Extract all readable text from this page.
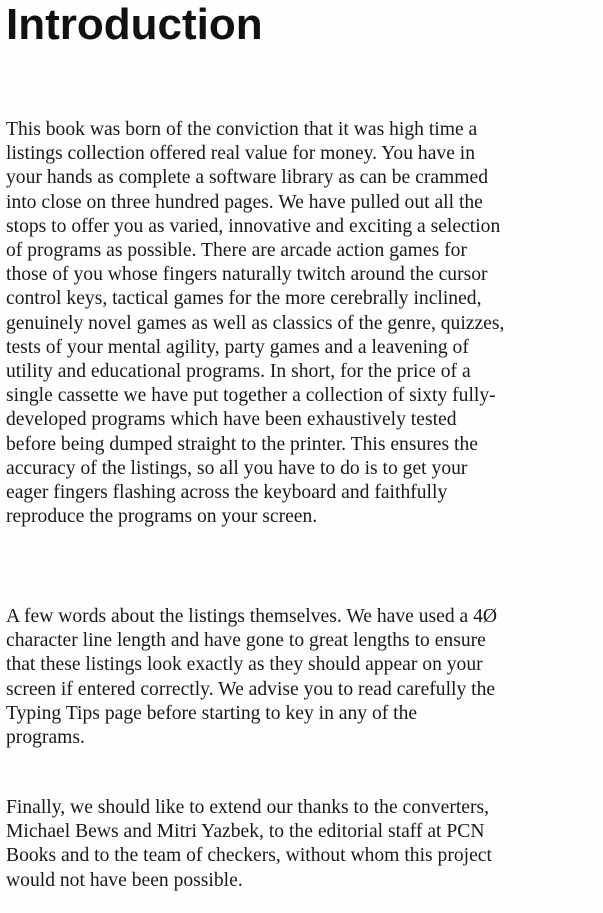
Introduction

This book was born of the conviction that it was high time a
listings collection offered real value for money. You have in
your hands as complete a software library as can be crammed
into close on three hundred pages. We have pulled out all the
stops to offer you as varied, innovative and exciting a selection
of programs as possible. There are arcade action games for
those of you whose fingers naturally twitch around the cursor
control keys, tactical games for the more cerebrally inclined,
genuinely novel games as well as classics of the genre, quizzes,
tests of your mental agility, party games and a leavening of
utility and educational programs. In short, for the price of a
single cassette we have put together a collection of sixty fully-
developed programs which have been exhaustively tested
before being dumped straight to the printer. This ensures the
accuracy of the listings, so all you have to do is to get your
eager fingers flashing across the keyboard and faithfully
reproduce the programs on your screen.

A few words about the listings themselves. We have used a 4Ø
character line length and have gone to great lengths to ensure
that these listings look exactly as they should appear on your
screen if entered correctly. We advise you to read carefully the
Typing Tips page before starting to key in any of the
programs.

Finally, we should like to extend our thanks to the converters,
Michael Bews and Mitri Yazbek, to the editorial staff at PCN
Books and to the team of checkers, without whom this project
would not have been possible.
